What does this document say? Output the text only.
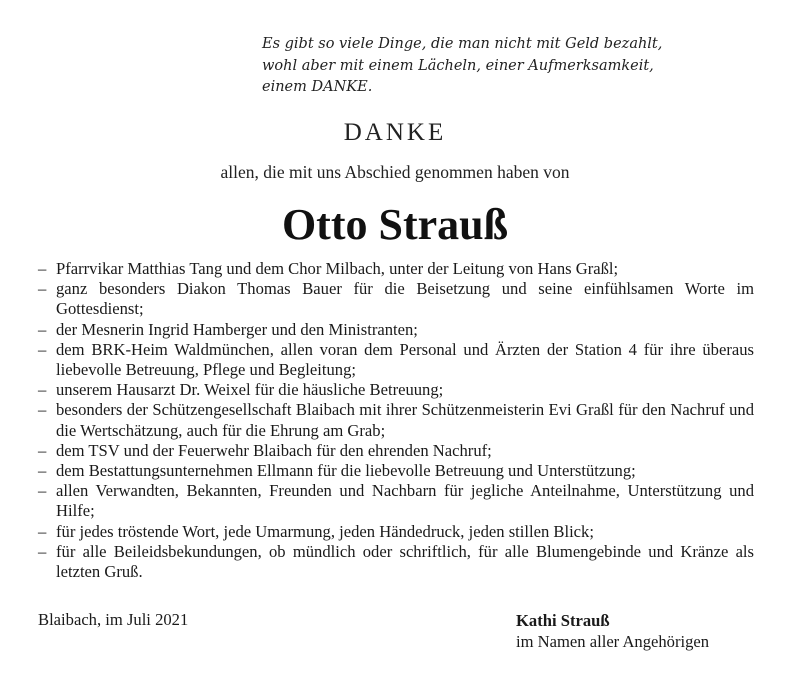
Es gibt so viele Dinge, die man nicht mit Geld bezahlt,
wohl aber mit einem Lächeln, einer Aufmerksamkeit,
einem DANKE.
DANKE
allen, die mit uns Abschied genommen haben von
Otto Strauß
– Pfarrvikar Matthias Tang und dem Chor Milbach, unter der Leitung von Hans Graßl;
– ganz besonders Diakon Thomas Bauer für die Beisetzung und seine einfühlsamen Worte im Gottesdienst;
– der Mesnerin Ingrid Hamberger und den Ministranten;
– dem BRK-Heim Waldmünchen, allen voran dem Personal und Ärzten der Station 4 für ihre überaus liebevolle Betreuung, Pflege und Begleitung;
– unserem Hausarzt Dr. Weixel für die häusliche Betreuung;
– besonders der Schützengesellschaft Blaibach mit ihrer Schützenmeisterin Evi Graßl für den Nachruf und die Wertschätzung, auch für die Ehrung am Grab;
– dem TSV und der Feuerwehr Blaibach für den ehrenden Nachruf;
– dem Bestattungsunternehmen Ellmann für die liebevolle Betreuung und Unterstützung;
– allen Verwandten, Bekannten, Freunden und Nachbarn für jegliche Anteilnahme, Unterstützung und Hilfe;
– für jedes tröstende Wort, jede Umarmung, jeden Händedruck, jeden stillen Blick;
– für alle Beileidsbekundungen, ob mündlich oder schriftlich, für alle Blumengebinde und Kränze als letzten Gruß.
Blaibach, im Juli 2021	Kathi Strauß
im Namen aller Angehörigen
